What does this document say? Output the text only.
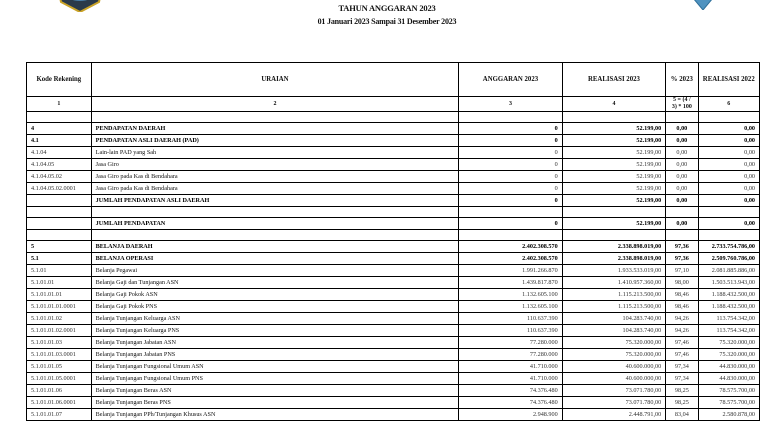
TAHUN ANGGARAN 2023
01 Januari 2023 Sampai 31 Desember 2023
Kode Rekening	URAIAN	ANGGARAN 2023	REALISASI 2023	% 2023	REALISASI 2022
1	2	3	4	5 = (4 / 3) * 100	6

4	PENDAPATAN DAERAH	0	52.199,00	0,00	0,00
4.1	PENDAPATAN ASLI DAERAH (PAD)	0	52.199,00	0,00	0,00
4.1.04	Lain-lain PAD yang Sah	0	52.199,00	0,00	0,00
4.1.04.05	Jasa Giro	0	52.199,00	0,00	0,00
4.1.04.05.02	Jasa Giro pada Kas di Bendahara	0	52.199,00	0,00	0,00
4.1.04.05.02.0001	Jasa Giro pada Kas di Bendahara	0	52.199,00	0,00	0,00
	JUMLAH PENDAPATAN ASLI DAERAH	0	52.199,00	0,00	0,00

	JUMLAH PENDAPATAN	0	52.199,00	0,00	0,00

5	BELANJA DAERAH	2.402.308.570	2.338.898.019,00	97,36	2.733.754.786,00
5.1	BELANJA OPERASI	2.402.308.570	2.338.898.019,00	97,36	2.509.760.786,00
5.1.01	Belanja Pegawai	1.991.266.870	1.933.533.019,00	97,10	2.081.885.886,00
5.1.01.01	Belanja Gaji dan Tunjangan ASN	1.439.817.870	1.410.957.360,00	98,00	1.503.513.943,00
5.1.01.01.01	Belanja Gaji Pokok ASN	1.132.605.100	1.115.213.500,00	98,46	1.188.432.500,00
5.1.01.01.01.0001	Belanja Gaji Pokok PNS	1.132.605.100	1.115.213.500,00	98,46	1.188.432.500,00
5.1.01.01.02	Belanja Tunjangan Keluarga ASN	110.637.390	104.283.740,00	94,26	113.754.342,00
5.1.01.01.02.0001	Belanja Tunjangan Keluarga PNS	110.637.390	104.283.740,00	94,26	113.754.342,00
5.1.01.01.03	Belanja Tunjangan Jabatan ASN	77.280.000	75.320.000,00	97,46	75.320.000,00
5.1.01.01.03.0001	Belanja Tunjangan Jabatan PNS	77.280.000	75.320.000,00	97,46	75.320.000,00
5.1.01.01.05	Belanja Tunjangan Fungsional Umum ASN	41.710.000	40.600.000,00	97,34	44.830.000,00
5.1.01.01.05.0001	Belanja Tunjangan Fungsional Umum PNS	41.710.000	40.600.000,00	97,34	44.830.000,00
5.1.01.01.06	Belanja Tunjangan Beras ASN	74.376.480	73.071.780,00	98,25	78.575.700,00
5.1.01.01.06.0001	Belanja Tunjangan Beras PNS	74.376.480	73.071.780,00	98,25	78.575.700,00
5.1.01.01.07	Belanja Tunjangan PPh/Tunjangan Khusus ASN	2.948.900	2.448.791,00	83,04	2.580.878,00
